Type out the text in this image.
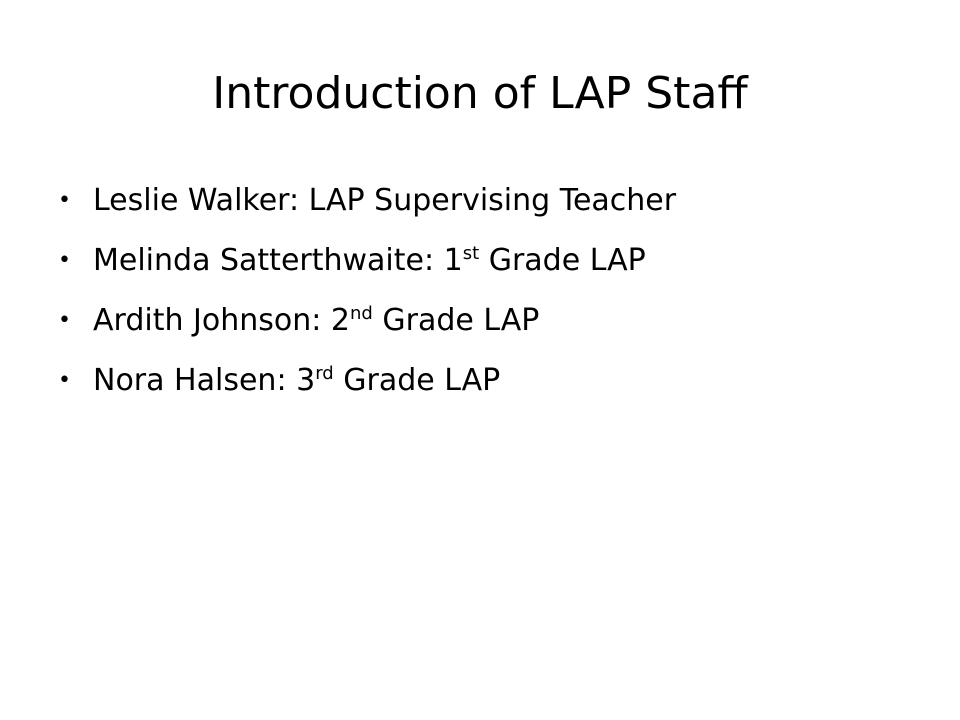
Introduction of LAP Staff
• Leslie Walker: LAP Supervising Teacher
• Melinda Satterthwaite: 1st Grade LAP
• Ardith Johnson: 2nd Grade LAP
• Nora Halsen: 3rd Grade LAP
